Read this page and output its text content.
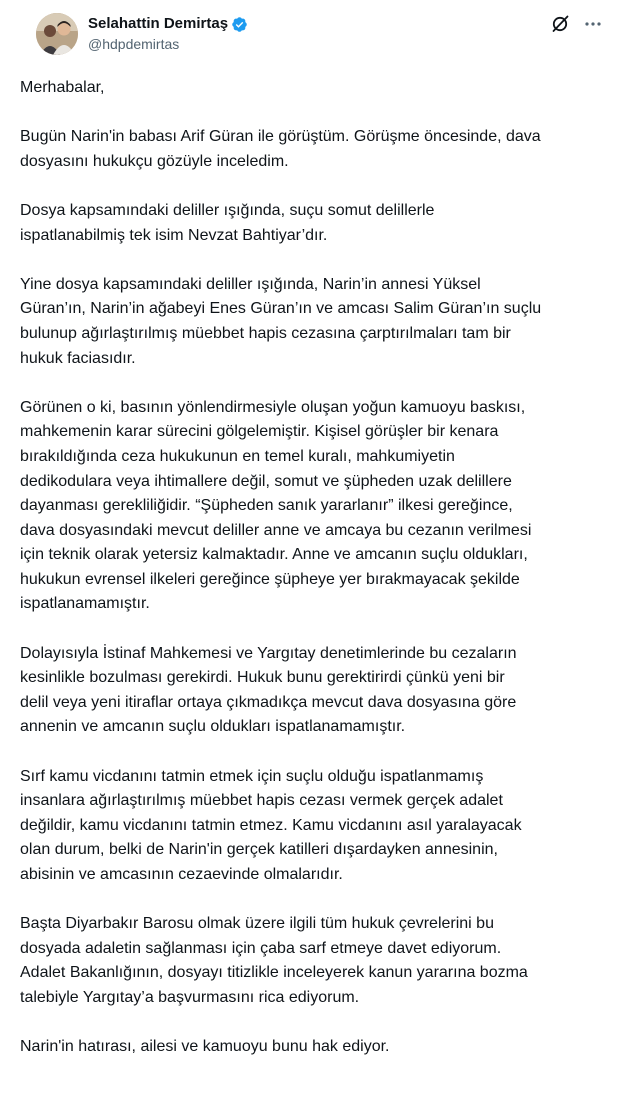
Selahattin Demirtaş
@hdpdemirtas

Merhabalar,

Bugün Narin'in babası Arif Güran ile görüştüm. Görüşme öncesinde, dava
dosyasını hukukçu gözüyle inceledim.

Dosya kapsamındaki deliller ışığında, suçu somut delillerle
ispatlanabilmiş tek isim Nevzat Bahtiyar’dır.

Yine dosya kapsamındaki deliller ışığında, Narin’in annesi Yüksel
Güran’ın, Narin’in ağabeyi Enes Güran’ın ve amcası Salim Güran’ın suçlu
bulunup ağırlaştırılmış müebbet hapis cezasına çarptırılmaları tam bir
hukuk faciasıdır.

Görünen o ki, basının yönlendirmesiyle oluşan yoğun kamuoyu baskısı,
mahkemenin karar sürecini gölgelemiştir. Kişisel görüşler bir kenara
bırakıldığında ceza hukukunun en temel kuralı, mahkumiyetin
dedikodulara veya ihtimallere değil, somut ve şüpheden uzak delillere
dayanması gerekliliğidir. “Şüpheden sanık yararlanır” ilkesi gereğince,
dava dosyasındaki mevcut deliller anne ve amcaya bu cezanın verilmesi
için teknik olarak yetersiz kalmaktadır. Anne ve amcanın suçlu oldukları,
hukukun evrensel ilkeleri gereğince şüpheye yer bırakmayacak şekilde
ispatlanamamıştır.

Dolayısıyla İstinaf Mahkemesi ve Yargıtay denetimlerinde bu cezaların
kesinlikle bozulması gerekirdi. Hukuk bunu gerektirirdi çünkü yeni bir
delil veya yeni itiraflar ortaya çıkmadıkça mevcut dava dosyasına göre
annenin ve amcanın suçlu oldukları ispatlanamamıştır.

Sırf kamu vicdanını tatmin etmek için suçlu olduğu ispatlanmamış
insanlara ağırlaştırılmış müebbet hapis cezası vermek gerçek adalet
değildir, kamu vicdanını tatmin etmez. Kamu vicdanını asıl yaralayacak
olan durum, belki de Narin'in gerçek katilleri dışardayken annesinin,
abisinin ve amcasının cezaevinde olmalarıdır.

Başta Diyarbakır Barosu olmak üzere ilgili tüm hukuk çevrelerini bu
dosyada adaletin sağlanması için çaba sarf etmeye davet ediyorum.
Adalet Bakanlığının, dosyayı titizlikle inceleyerek kanun yararına bozma
talebiyle Yargıtay’a başvurmasını rica ediyorum.

Narin'in hatırası, ailesi ve kamuoyu bunu hak ediyor.
